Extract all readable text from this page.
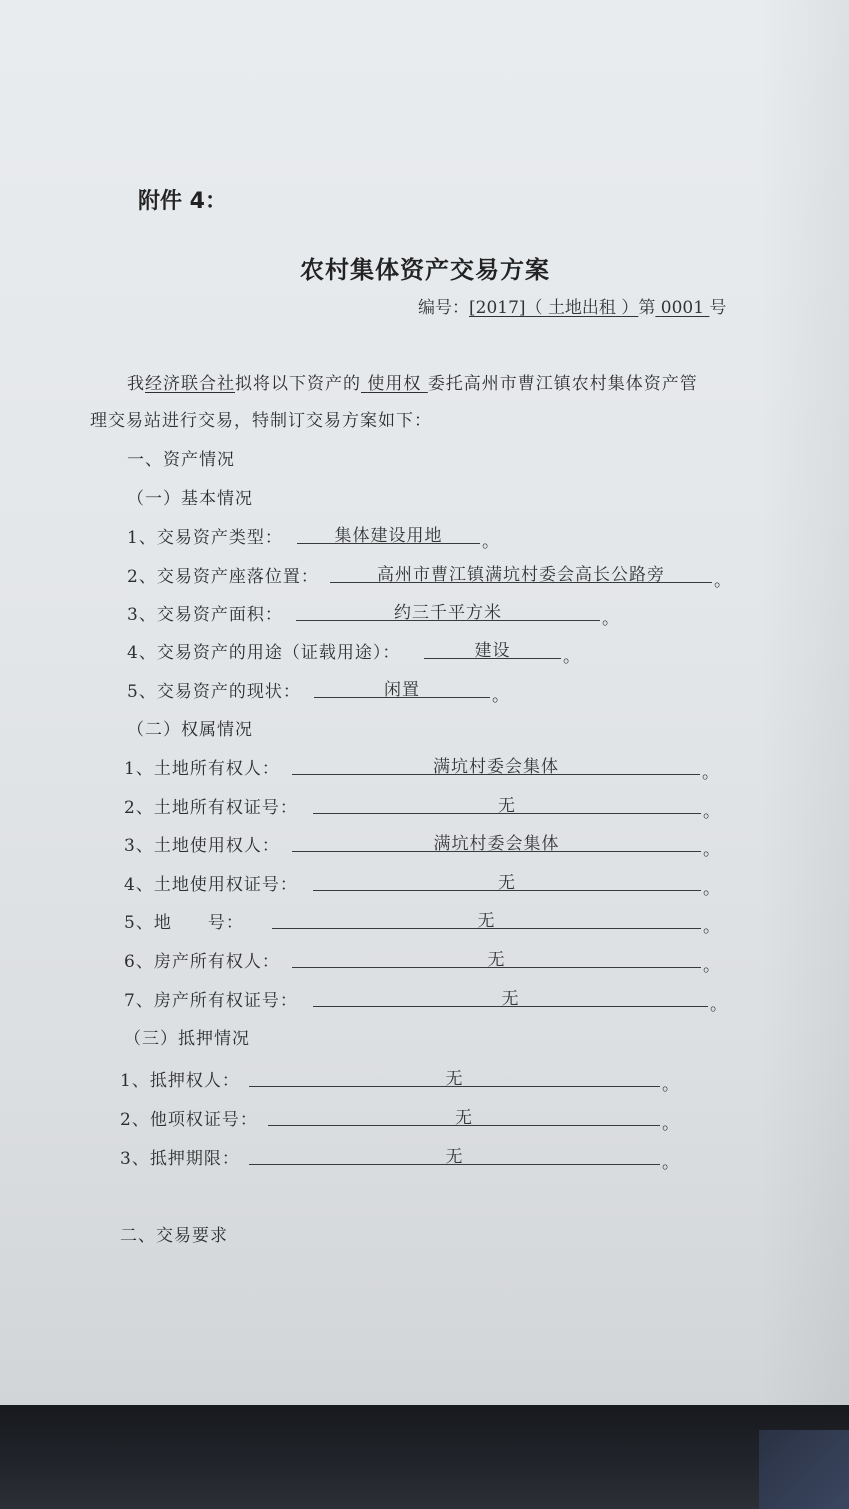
附件 4：
农村集体资产交易方案
编号：[2017]（ 土地出租 ）第 0001 号
我经济联合社拟将以下资产的 使用权 委托高州市曹江镇农村集体资产管
理交易站进行交易，特制订交易方案如下：
一、资产情况
（一）基本情况
1、交易资产类型：	集体建设用地	。
2、交易资产座落位置：	高州市曹江镇满坑村委会高长公路旁	。
3、交易资产面积：	约三千平方米	。
4、交易资产的用途（证载用途）：	建设	。
5、交易资产的现状：	闲置	。
（二）权属情况
1、土地所有权人：	满坑村委会集体	。
2、土地所有权证号：	无	。
3、土地使用权人：	满坑村委会集体	。
4、土地使用权证号：	无	。
5、地　　号：	无	。
6、房产所有权人：	无	。
7、房产所有权证号：	无	。
（三）抵押情况
1、抵押权人：	无	。
2、他项权证号：	无	。
3、抵押期限：	无	。
二、交易要求
